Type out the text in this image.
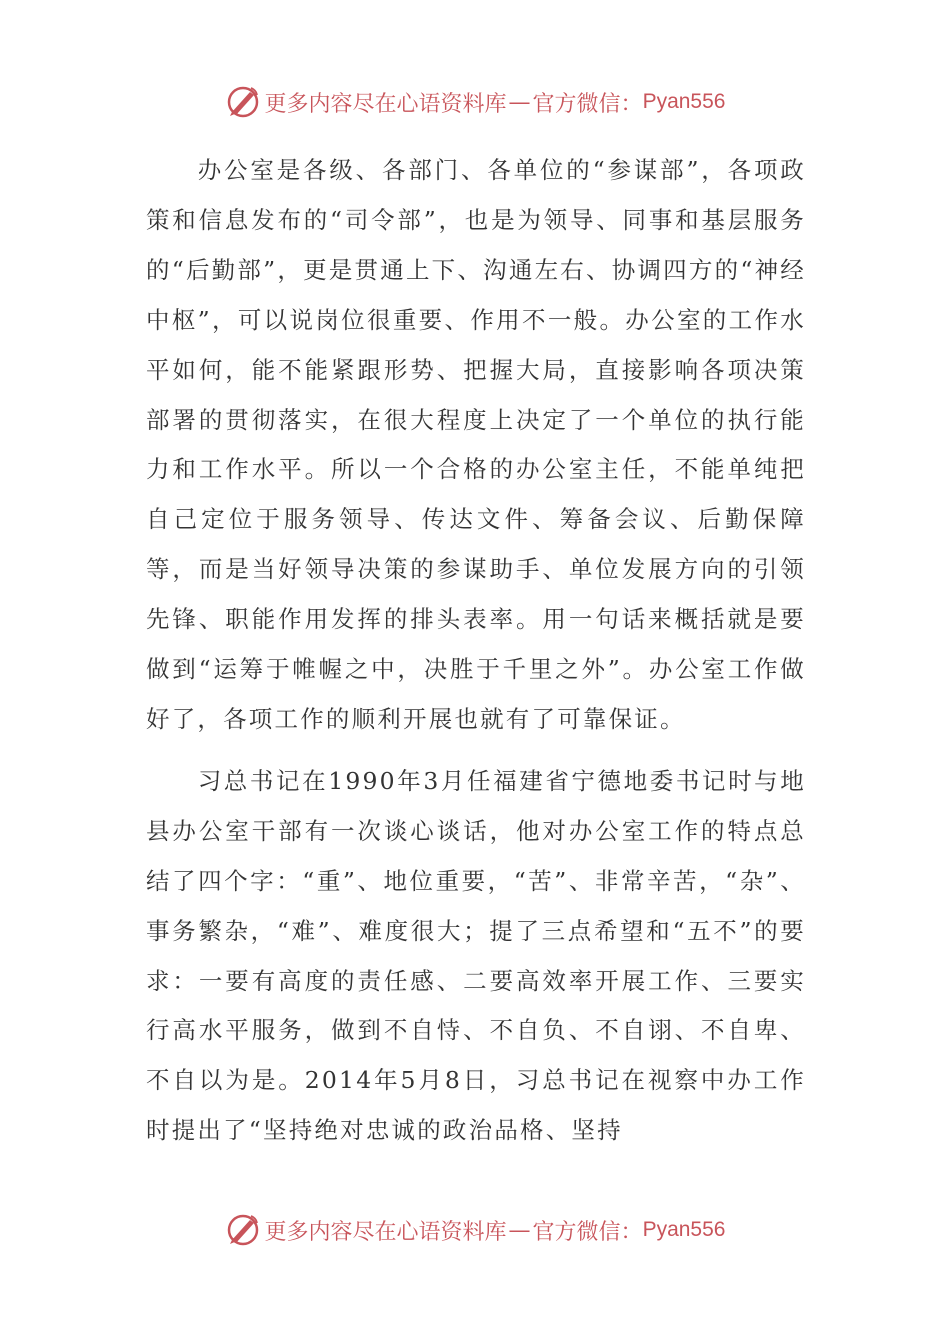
更多内容尽在心语资料库 — 官方微信： Pyan556

办公室是各级、各部门、各单位的“参谋部”，各项政策和信息发布的“司令部”，也是为领导、同事和基层服务的“后勤部”，更是贯通上下、沟通左右、协调四方的“神经中枢”，可以说岗位很重要、作用不一般。办公室的工作水平如何，能不能紧跟形势、把握大局，直接影响各项决策部署的贯彻落实，在很大程度上决定了一个单位的执行能力和工作水平。所以一个合格的办公室主任，不能单纯把自己定位于服务领导、传达文件、筹备会议、后勤保障等，而是当好领导决策的参谋助手、单位发展方向的引领先锋、职能作用发挥的排头表率。用一句话来概括就是要做到“运筹于帷幄之中，决胜于千里之外”。办公室工作做好了，各项工作的顺利开展也就有了可靠保证。

习总书记在1990年3月任福建省宁德地委书记时与地县办公室干部有一次谈心谈话，他对办公室工作的特点总结了四个字：“重”、地位重要，“苦”、非常辛苦，“杂”、事务繁杂，“难”、难度很大；提了三点希望和“五不”的要求：一要有高度的责任感、二要高效率开展工作、三要实行高水平服务，做到不自恃、不自负、不自诩、不自卑、不自以为是。2014年5月8日，习总书记在视察中办工作时提出了“坚持绝对忠诚的政治品格、坚持

更多内容尽在心语资料库 — 官方微信： Pyan556
